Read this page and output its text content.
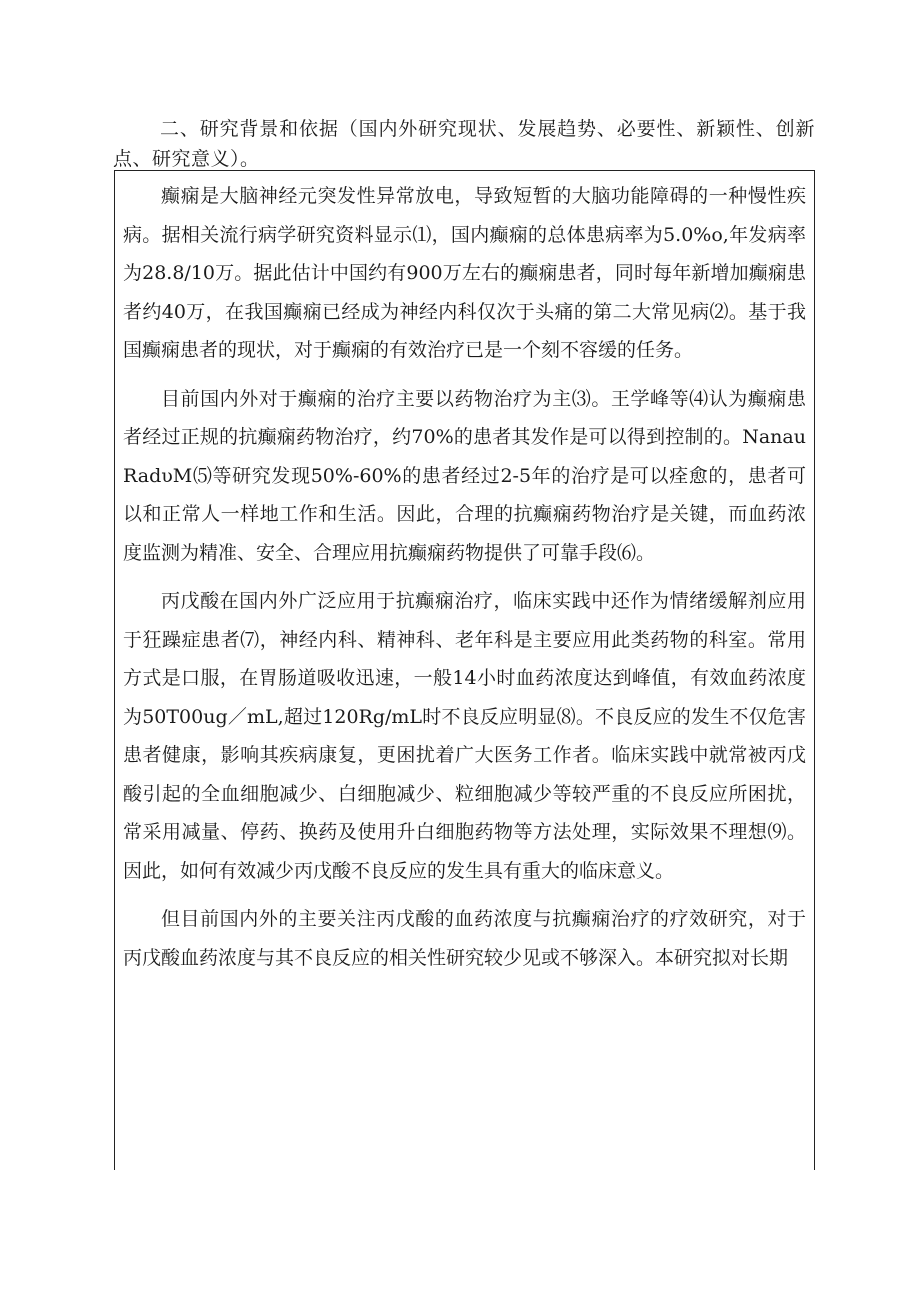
二、研究背景和依据（国内外研究现状、发展趋势、必要性、新颖性、创新点、研究意义）。

癫痫是大脑神经元突发性异常放电，导致短暂的大脑功能障碍的一种慢性疾病。据相关流行病学研究资料显示⑴，国内癫痫的总体患病率为5.0%o,年发病率为28.8/10万。据此估计中国约有900万左右的癫痫患者，同时每年新增加癫痫患者约40万，在我国癫痫已经成为神经内科仅次于头痛的第二大常见病⑵。基于我国癫痫患者的现状，对于癫痫的有效治疗已是一个刻不容缓的任务。

目前国内外对于癫痫的治疗主要以药物治疗为主⑶。王学峰等⑷认为癫痫患者经过正规的抗癫痫药物治疗，约70%的患者其发作是可以得到控制的。NanauRadυM⑸等研究发现50%-60%的患者经过2-5年的治疗是可以痊愈的，患者可以和正常人一样地工作和生活。因此，合理的抗癫痫药物治疗是关键，而血药浓度监测为精准、安全、合理应用抗癫痫药物提供了可靠手段⑹。

丙戊酸在国内外广泛应用于抗癫痫治疗，临床实践中还作为情绪缓解剂应用于狂躁症患者⑺，神经内科、精神科、老年科是主要应用此类药物的科室。常用方式是口服，在胃肠道吸收迅速，一般14小时血药浓度达到峰值，有效血药浓度为50T00ug／mL,超过120Rg/mL时不良反应明显⑻。不良反应的发生不仅危害患者健康，影响其疾病康复，更困扰着广大医务工作者。临床实践中就常被丙戊酸引起的全血细胞减少、白细胞减少、粒细胞减少等较严重的不良反应所困扰，常采用减量、停药、换药及使用升白细胞药物等方法处理，实际效果不理想⑼。因此，如何有效减少丙戊酸不良反应的发生具有重大的临床意义。

但目前国内外的主要关注丙戊酸的血药浓度与抗癫痫治疗的疗效研究，对于丙戊酸血药浓度与其不良反应的相关性研究较少见或不够深入。本研究拟对长期
